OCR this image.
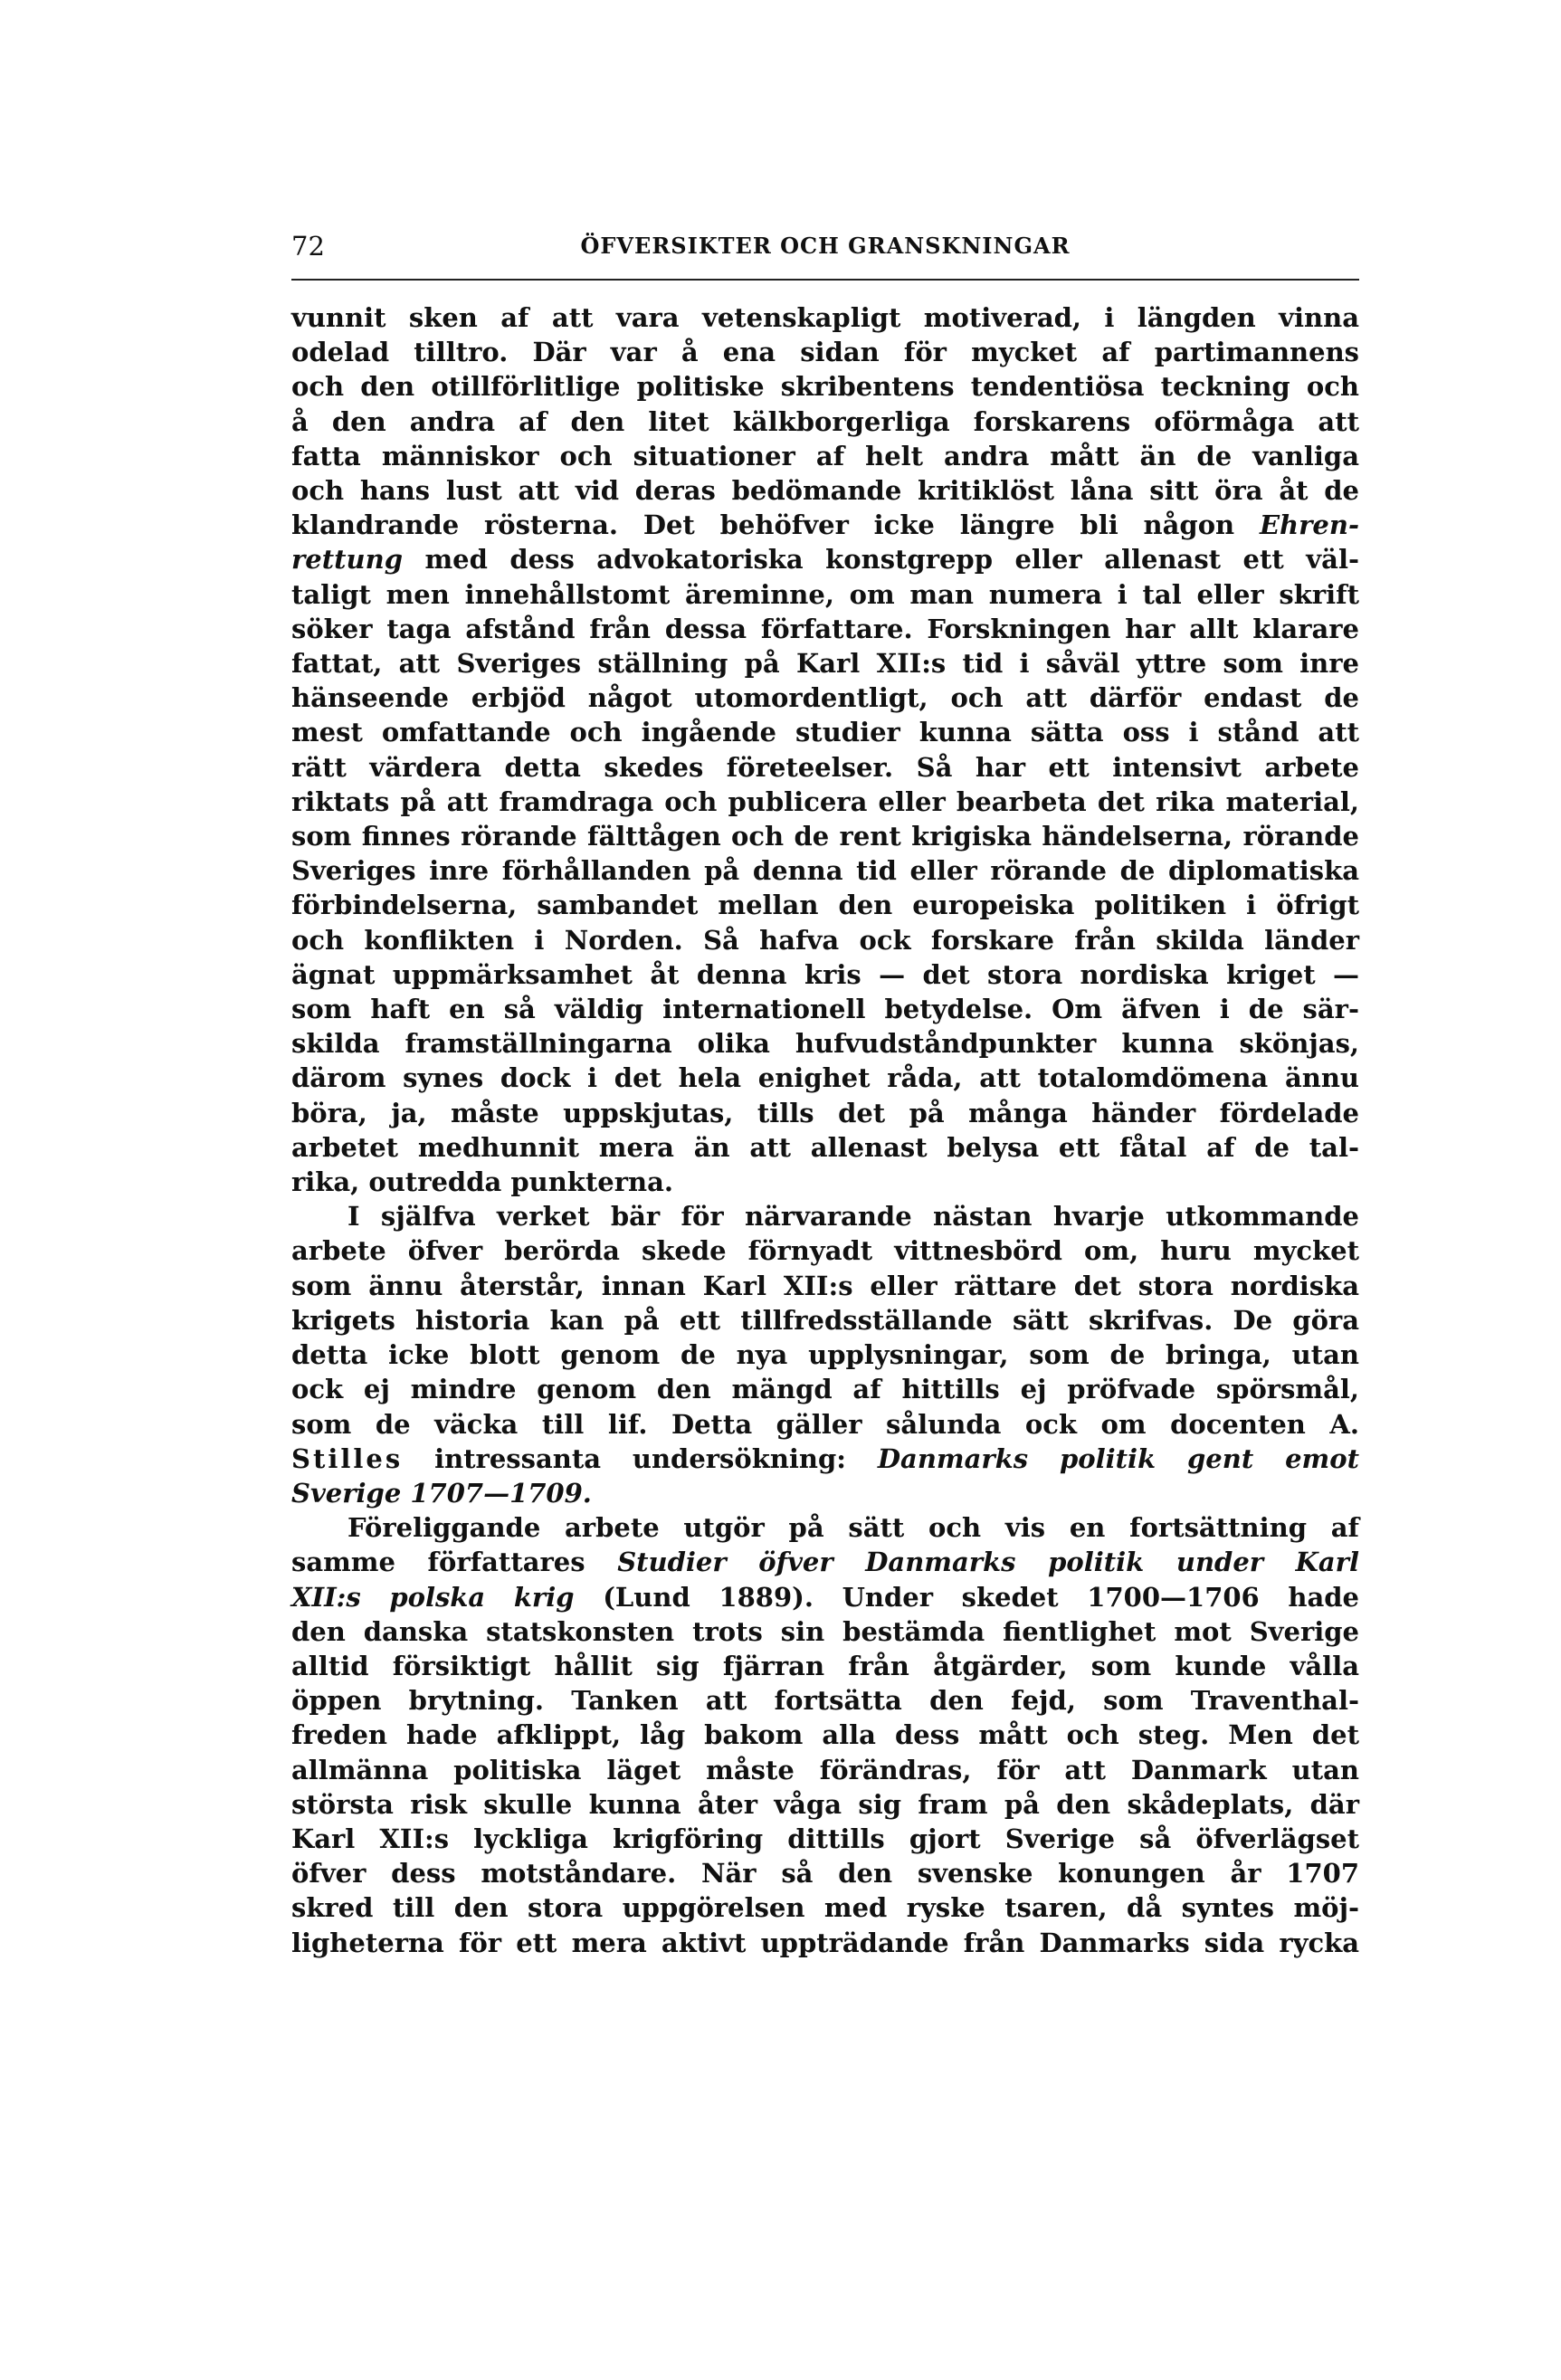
72	ÖFVERSIKTER OCH GRANSKNINGAR
vunnit sken af att vara vetenskapligt motiverad, i längden vinna
odelad tilltro. Där var å ena sidan för mycket af partimannens
och den otillförlitlige politiske skribentens tendentiösa teckning och
å den andra af den litet kälkborgerliga forskarens oförmåga att
fatta människor och situationer af helt andra mått än de vanliga
och hans lust att vid deras bedömande kritiklöst låna sitt öra åt de
klandrande rösterna. Det behöfver icke längre bli någon Ehren-
rettung med dess advokatoriska konstgrepp eller allenast ett väl-
taligt men innehållstomt äreminne, om man numera i tal eller skrift
söker taga afstånd från dessa författare. Forskningen har allt klarare
fattat, att Sveriges ställning på Karl XII:s tid i såväl yttre som inre
hänseende erbjöd något utomordentligt, och att därför endast de
mest omfattande och ingående studier kunna sätta oss i stånd att
rätt värdera detta skedes företeelser. Så har ett intensivt arbete
riktats på att framdraga och publicera eller bearbeta det rika material,
som finnes rörande fälttågen och de rent krigiska händelserna, rörande
Sveriges inre förhållanden på denna tid eller rörande de diplomatiska
förbindelserna, sambandet mellan den europeiska politiken i öfrigt
och konflikten i Norden. Så hafva ock forskare från skilda länder
ägnat uppmärksamhet åt denna kris — det stora nordiska kriget —
som haft en så väldig internationell betydelse. Om äfven i de sär-
skilda framställningarna olika hufvudståndpunkter kunna skönjas,
därom synes dock i det hela enighet råda, att totalomdömena ännu
böra, ja, måste uppskjutas, tills det på många händer fördelade
arbetet medhunnit mera än att allenast belysa ett fåtal af de tal-
rika, outredda punkterna.
I själfva verket bär för närvarande nästan hvarje utkommande
arbete öfver berörda skede förnyadt vittnesbörd om, huru mycket
som ännu återstår, innan Karl XII:s eller rättare det stora nordiska
krigets historia kan på ett tillfredsställande sätt skrifvas. De göra
detta icke blott genom de nya upplysningar, som de bringa, utan
ock ej mindre genom den mängd af hittills ej pröfvade spörsmål,
som de väcka till lif. Detta gäller sålunda ock om docenten A.
Stilles intressanta undersökning: Danmarks politik gent emot
Sverige 1707—1709.
Föreliggande arbete utgör på sätt och vis en fortsättning af
samme författares Studier öfver Danmarks politik under Karl
XII:s polska krig (Lund 1889). Under skedet 1700—1706 hade
den danska statskonsten trots sin bestämda fientlighet mot Sverige
alltid försiktigt hållit sig fjärran från åtgärder, som kunde vålla
öppen brytning. Tanken att fortsätta den fejd, som Traventhal-
freden hade afklippt, låg bakom alla dess mått och steg. Men det
allmänna politiska läget måste förändras, för att Danmark utan
största risk skulle kunna åter våga sig fram på den skådeplats, där
Karl XII:s lyckliga krigföring dittills gjort Sverige så öfverlägset
öfver dess motståndare. När så den svenske konungen år 1707
skred till den stora uppgörelsen med ryske tsaren, då syntes möj-
ligheterna för ett mera aktivt uppträdande från Danmarks sida rycka
